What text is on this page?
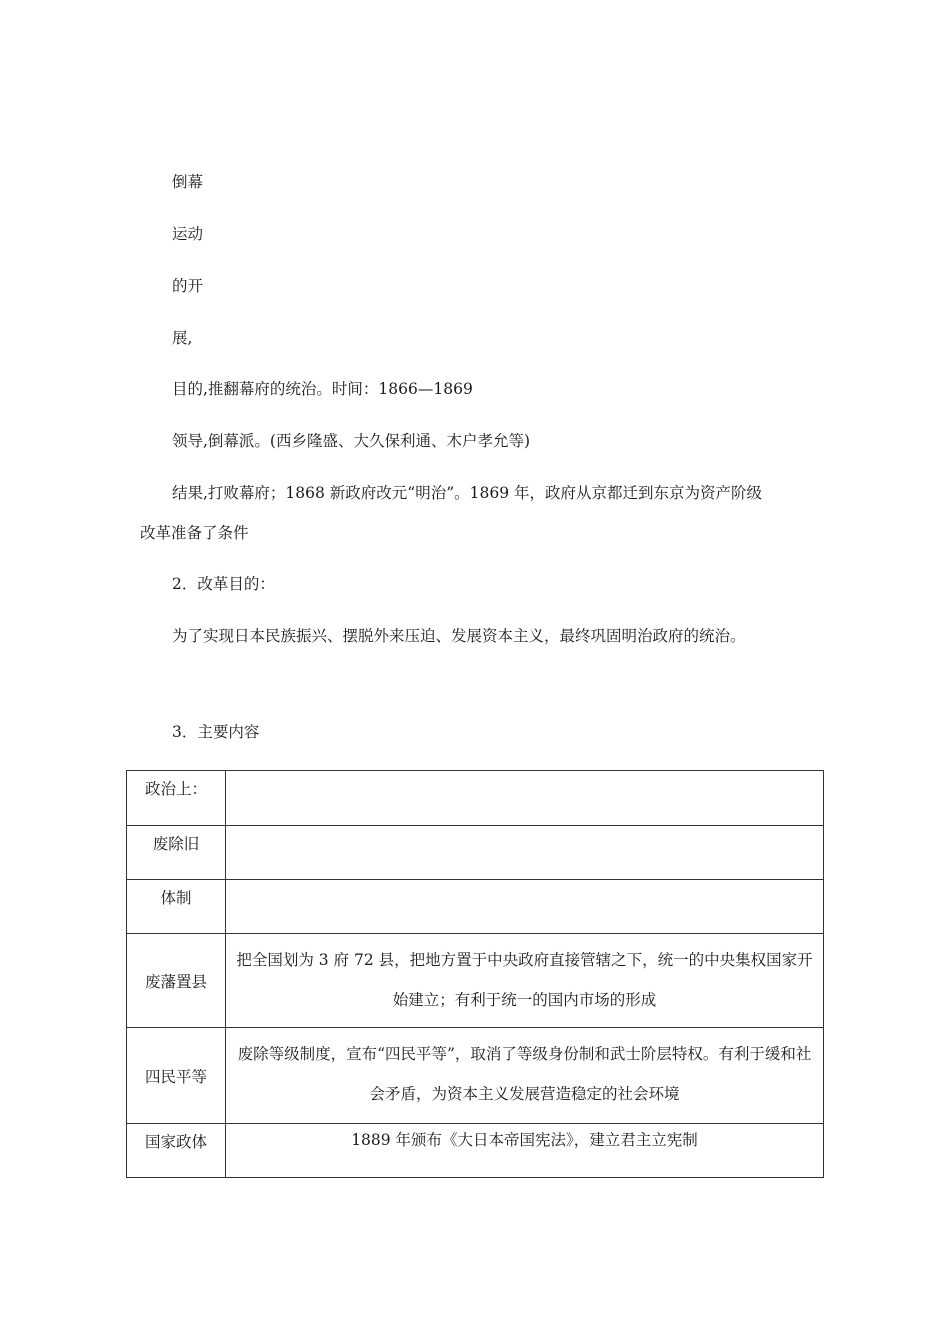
倒幕
运动
的开
展,
目的,推翻幕府的统治。时间：1866—1869
领导,倒幕派。(西乡隆盛、大久保利通、木户孝允等)
结果,打败幕府；1868 新政府改元“明治”。1869 年，政府从京都迁到东京为资产阶级
改革准备了条件
2．改革目的：
为了实现日本民族振兴、摆脱外来压迫、发展资本主义，最终巩固明治政府的统治。
3．主要内容
政治上：	
废除旧	
体制	
废藩置县	把全国划为 3 府 72 县，把地方置于中央政府直接管辖之下，统一的中央集权国家开始建立；有利于统一的国内市场的形成
四民平等	废除等级制度，宣布“四民平等”，取消了等级身份制和武士阶层特权。有利于缓和社会矛盾，为资本主义发展营造稳定的社会环境
国家政体	1889 年颁布《大日本帝国宪法》，建立君主立宪制
